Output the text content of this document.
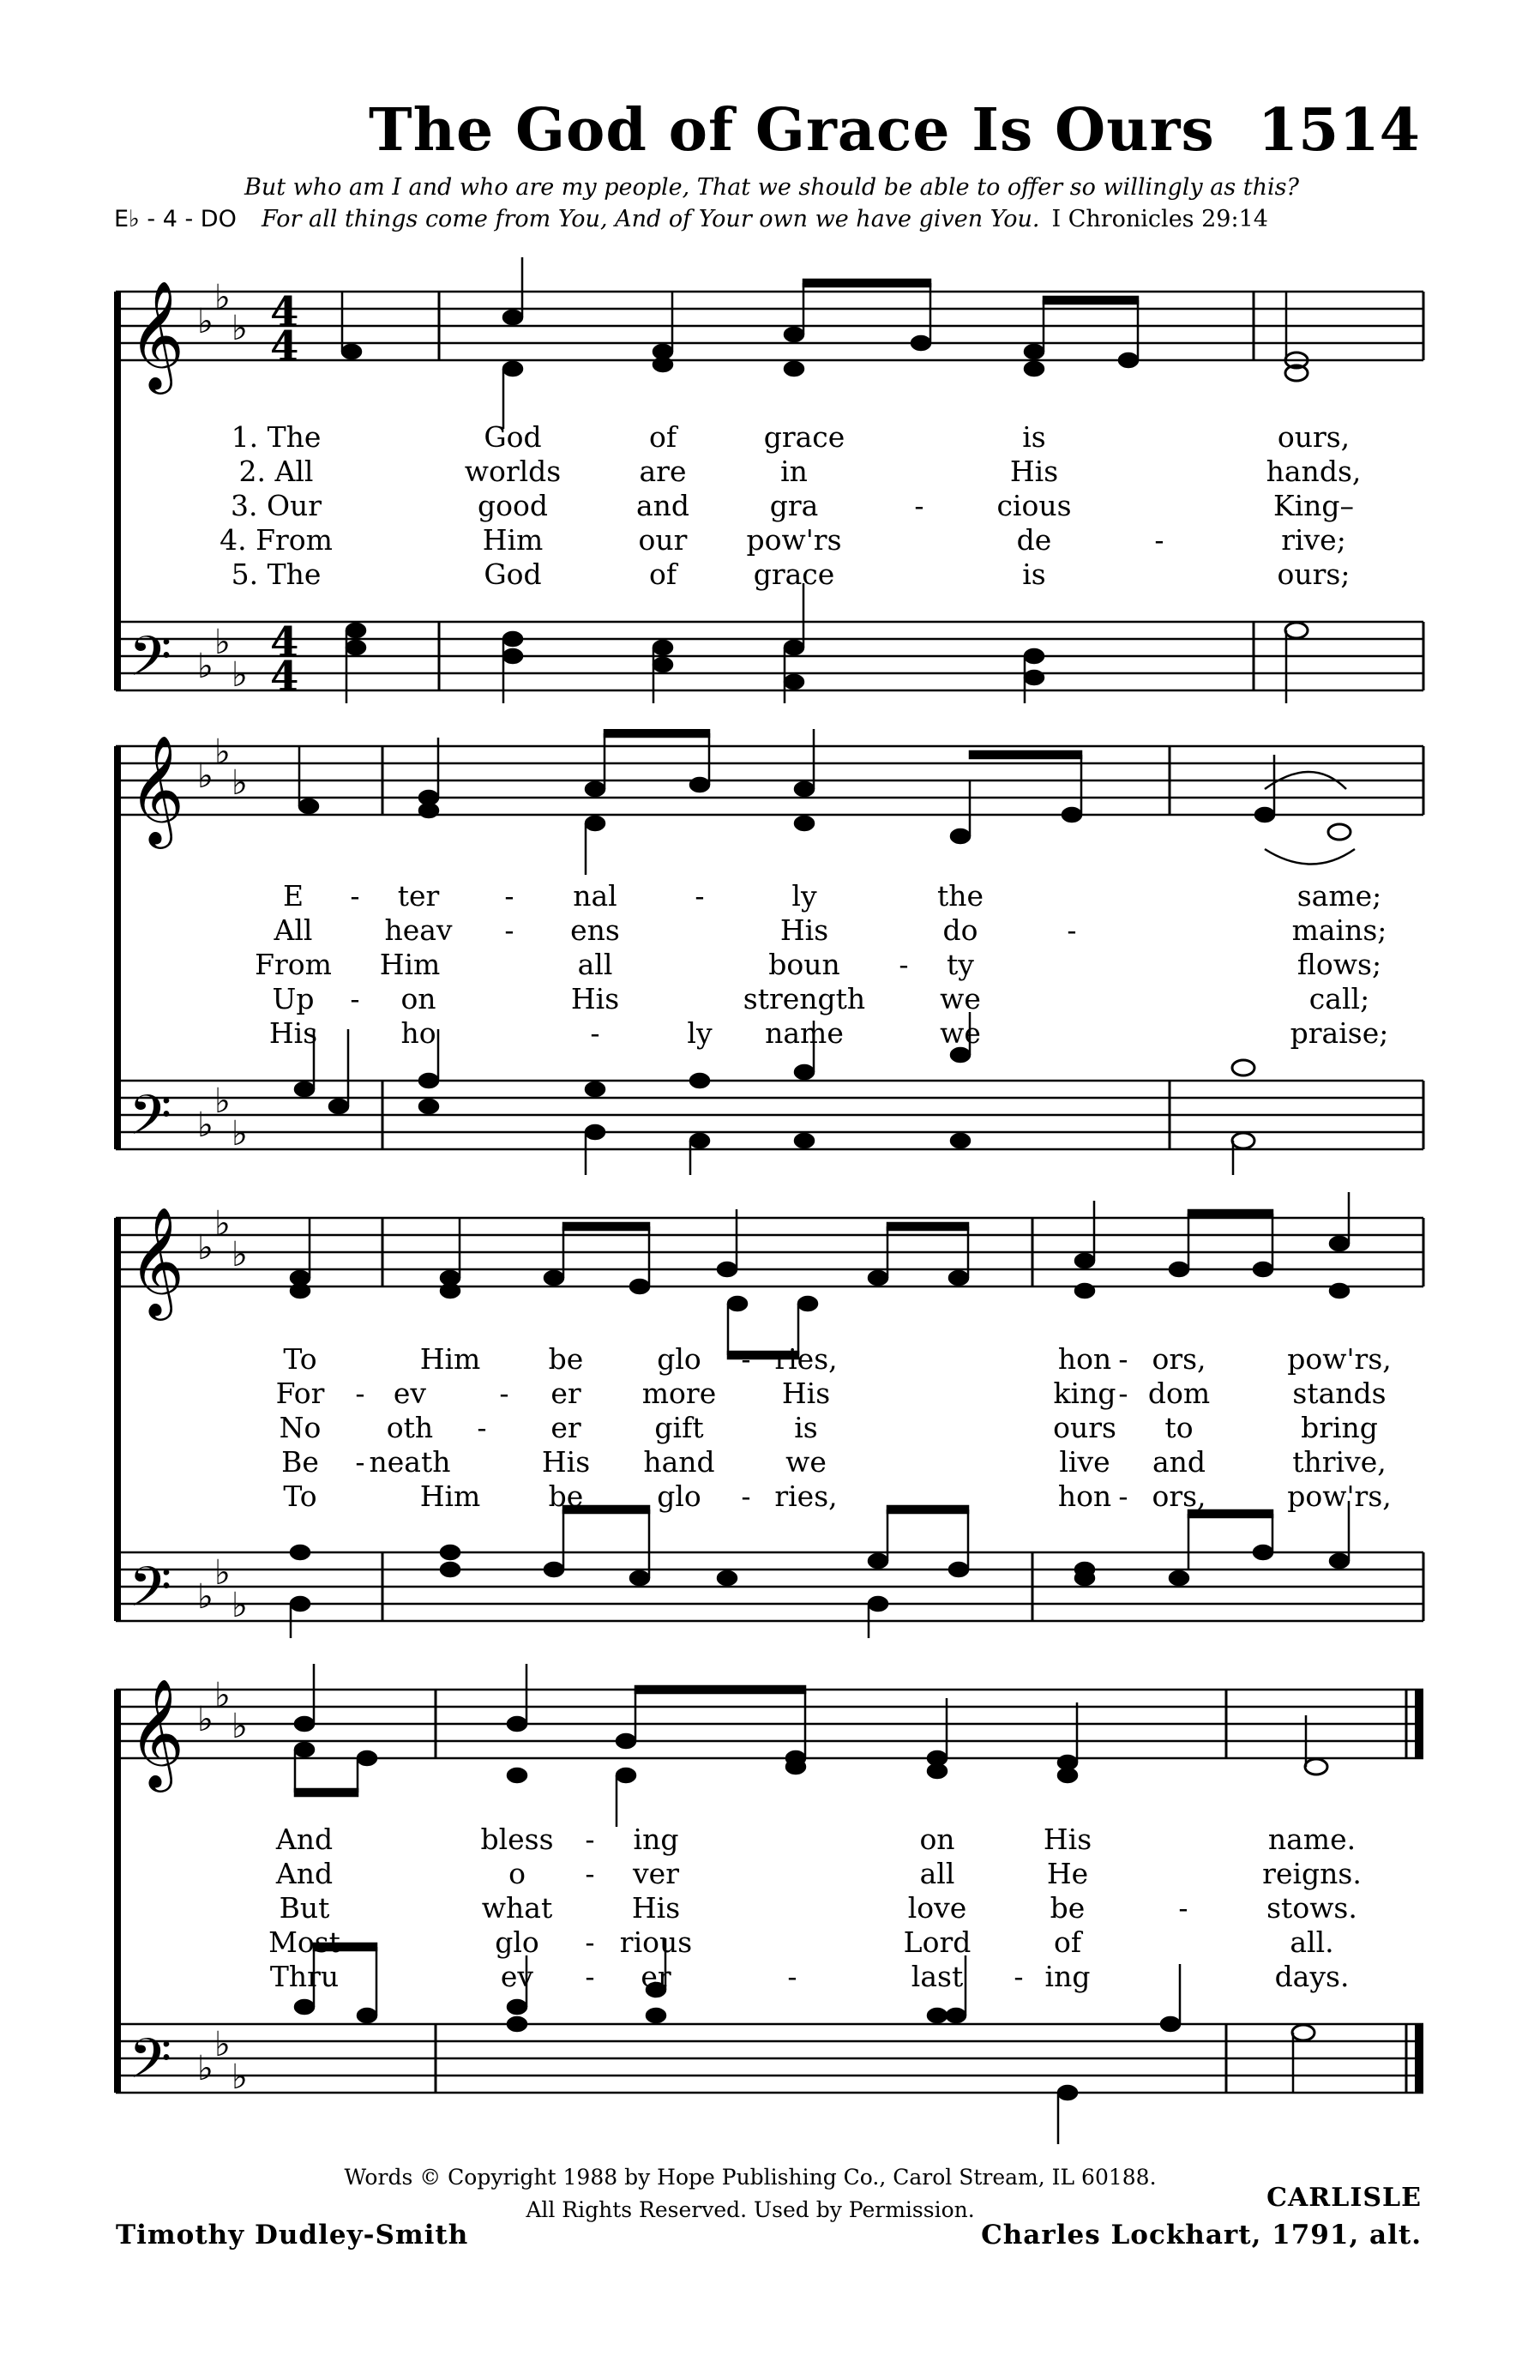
The God of Grace Is Ours 1514
But who am I and who are my people, That we should be able to offer so willingly as this?
E♭ - 4 - DO For all things come from You, And of Your own we have given You. I Chronicles 29:14
𝄞
𝄢
♭
♭
♭
♭
♭
♭
4
4
4
4
1. The	God	of	grace	is	ours,
2. All	worlds	are	in	His	hands,
3. Our	good	and	gra	-	cious	King–
4. From	Him	our pow'rs	de	-	rive;
5. The	God	of	grace	is	ours;
𝄞
𝄢
♭
♭
♭
♭
♭
♭
E - ter - nal	-	ly	the	same;
All	heav - ens	His	do	-	mains;
From Him	all	boun - ty	flows;
Up - on	His	strength	we	call;
His	ho	-	ly name	we	praise;
𝄞
𝄢
♭
♭
♭
♭
♭
♭
To	Him be	glo - ries,	hon - ors,	pow'rs,
For - ev	- er more His	king - dom	stands
No oth - er	gift	is	ours to	bring
Be - neath	His hand we	live and	thrive,
To	Him be	glo - ries,	hon - ors,	pow'rs,
𝄞
𝄢
♭
♭
♭
♭
♭
♭
And	bless - ing	on	His	name.
And	o - ver	all	He	reigns.
But	what	His	love	be	-	stows.
Most	glo - rious	Lord	of	all.
Thru	ev - er	-	last - ing	days.
Words © Copyright 1988 by Hope Publishing Co., Carol Stream, IL 60188.
All Rights Reserved. Used by Permission.	CARLISLE
Timothy Dudley-Smith	Charles Lockhart, 1791, alt.
